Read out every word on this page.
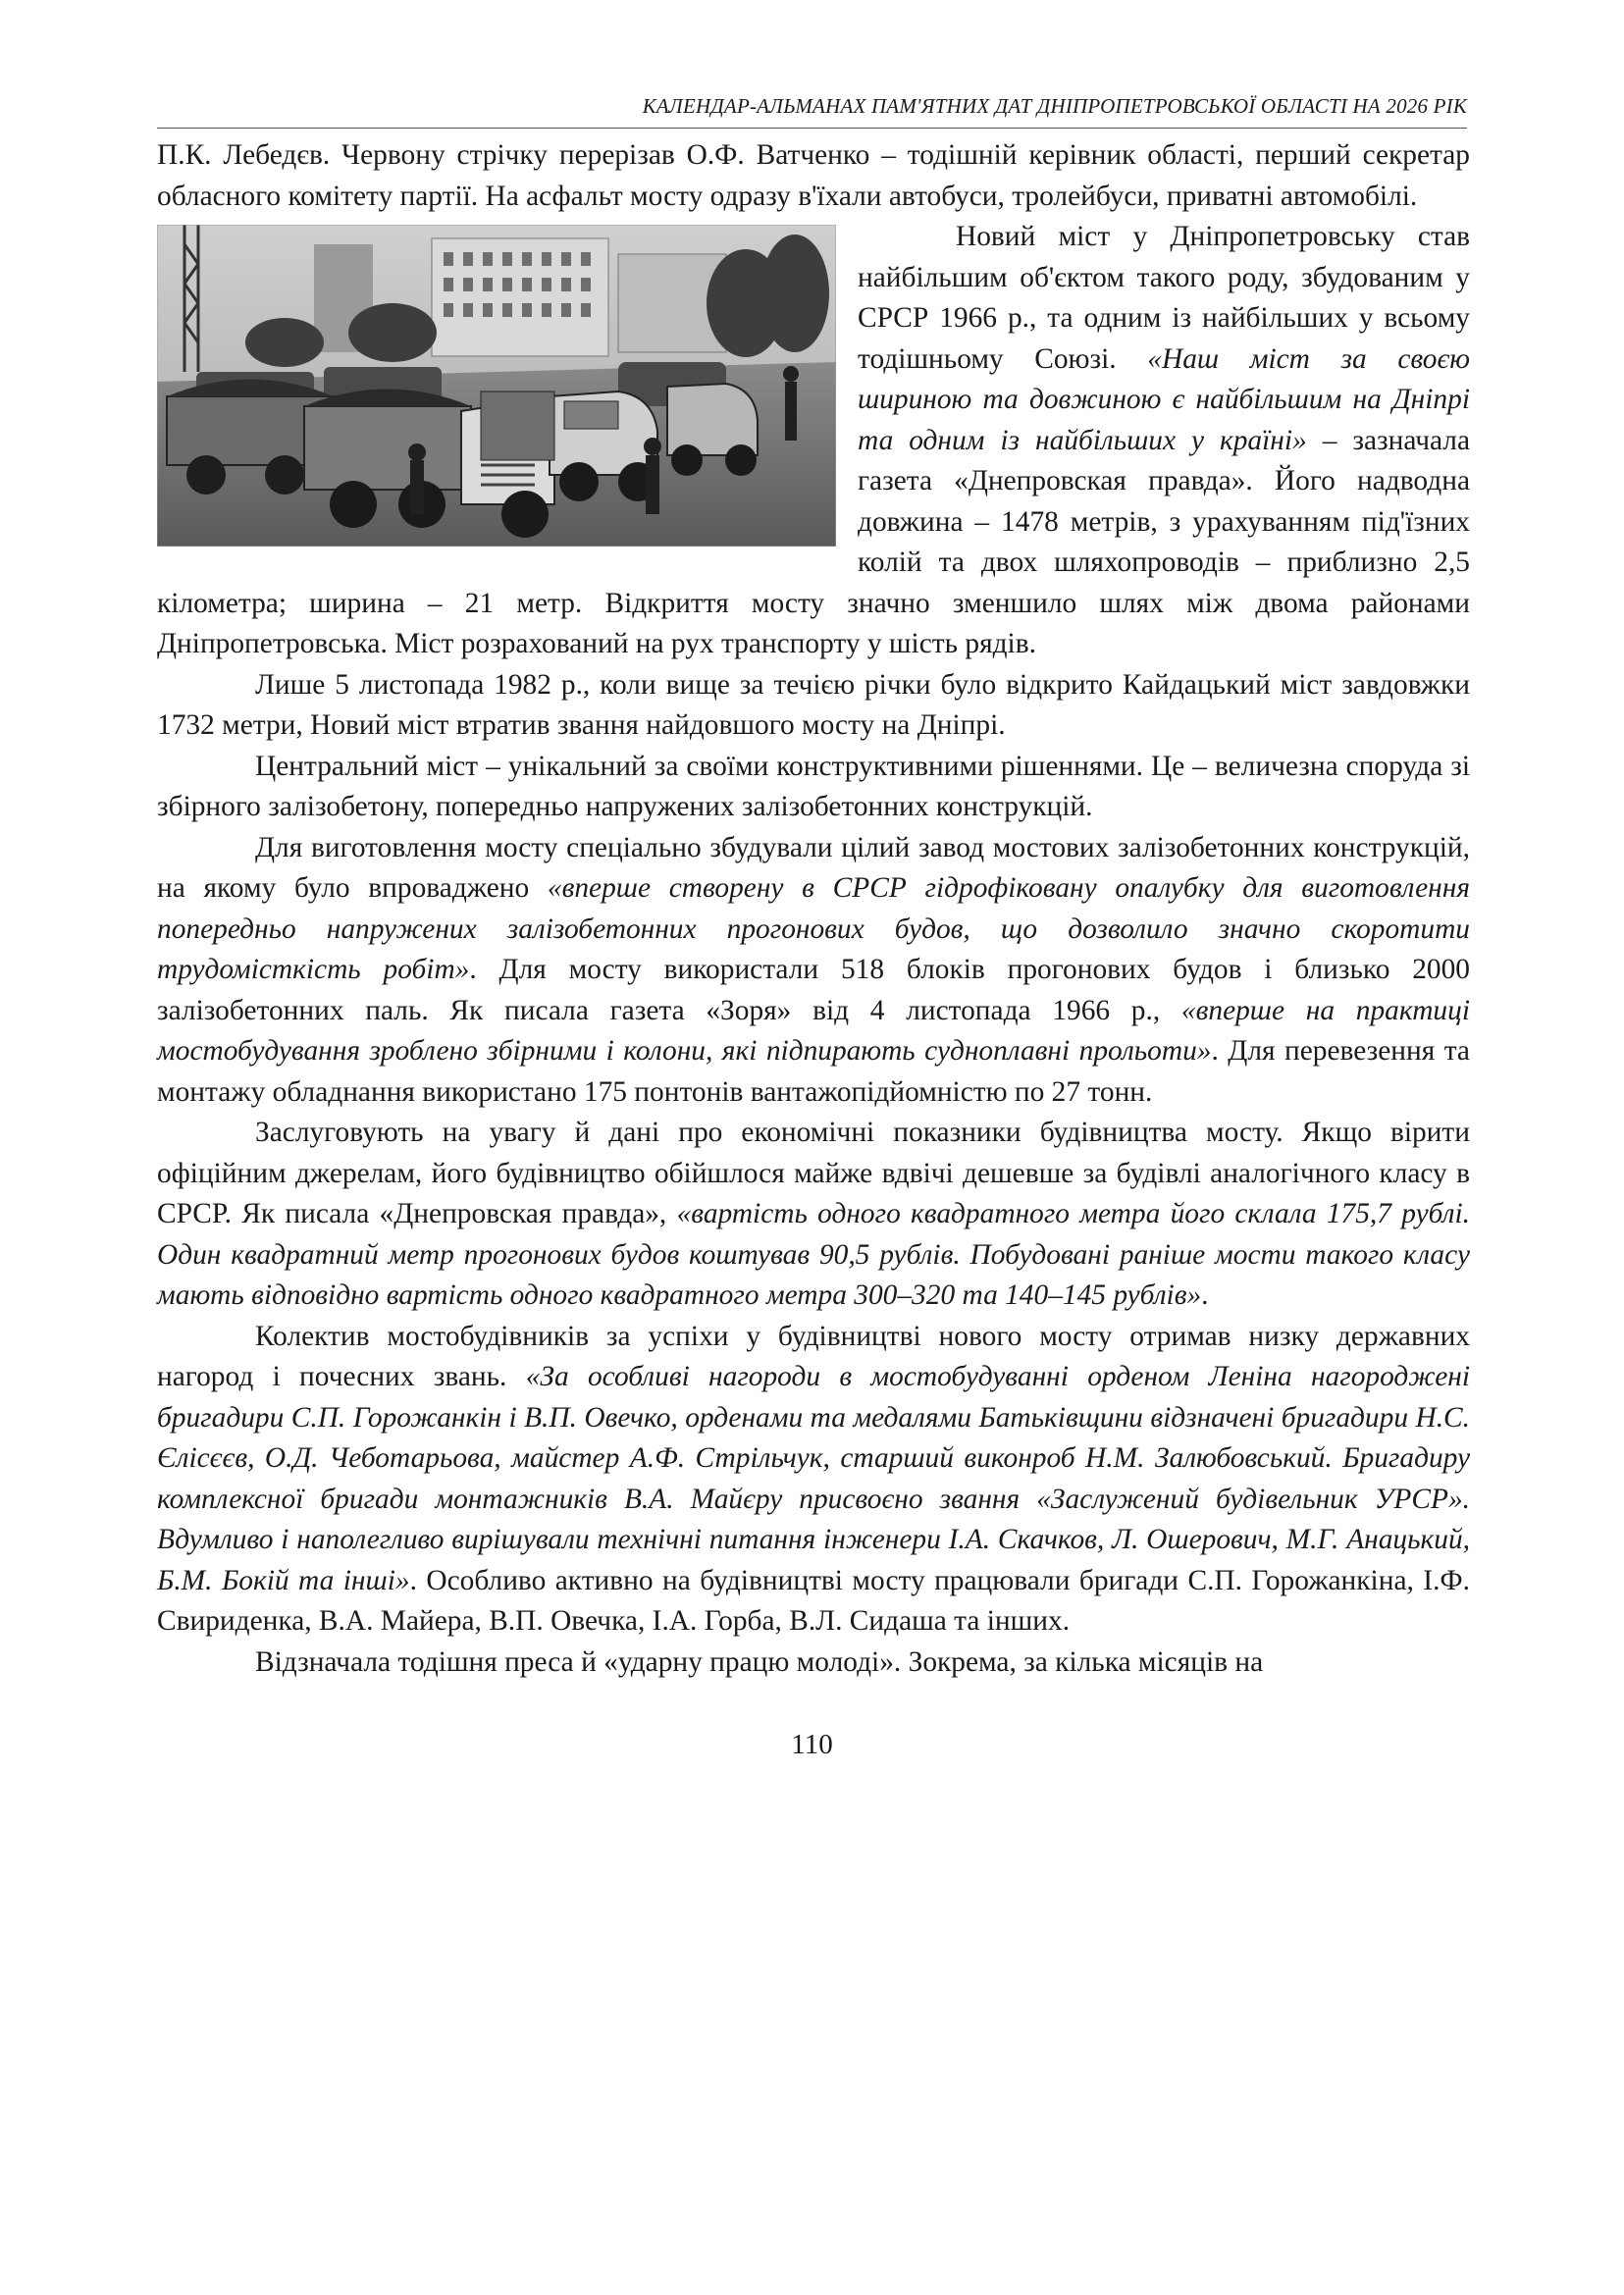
КАЛЕНДАР-АЛЬМАНАХ ПАМ'ЯТНИХ ДАТ ДНІПРОПЕТРОВСЬКОЇ ОБЛАСТІ НА 2026 РІК

П.К. Лебедєв. Червону стрічку перерізав О.Ф. Ватченко – тодішній керівник області, перший секретар обласного комітету партії. На асфальт мосту одразу в'їхали автобуси, тролейбуси, приватні автомобілі.

Новий міст у Дніпропетровську став найбільшим об'єктом такого роду, збудованим у СРСР 1966 р., та одним із найбільших у всьому тодішньому Союзі. «Наш міст за своєю шириною та довжиною є найбільшим на Дніпрі та одним із найбільших у країні» – зазначала газета «Днепровская правда». Його надводна довжина – 1478 метрів, з урахуванням під'їзних колій та двох шляхопроводів – приблизно 2,5 кілометра; ширина – 21 метр. Відкриття мосту значно зменшило шлях між двома районами Дніпропетровська. Міст розрахований на рух транспорту у шість рядів.

Лише 5 листопада 1982 р., коли вище за течією річки було відкрито Кайдацький міст завдовжки 1732 метри, Новий міст втратив звання найдовшого мосту на Дніпрі.

Центральний міст – унікальний за своїми конструктивними рішеннями. Це – величезна споруда зі збірного залізобетону, попередньо напружених залізобетонних конструкцій.

Для виготовлення мосту спеціально збудували цілий завод мостових залізобетонних конструкцій, на якому було впроваджено «вперше створену в СРСР гідрофіковану опалубку для виготовлення попередньо напружених залізобетонних прогонових будов, що дозволило значно скоротити трудомісткість робіт». Для мосту використали 518 блоків прогонових будов і близько 2000 залізобетонних паль. Як писала газета «Зоря» від 4 листопада 1966 р., «вперше на практиці мостобудування зроблено збірними і колони, які підпирають судноплавні прольоти». Для перевезення та монтажу обладнання використано 175 понтонів вантажопідйомністю по 27 тонн.

Заслуговують на увагу й дані про економічні показники будівництва мосту. Якщо вірити офіційним джерелам, його будівництво обійшлося майже вдвічі дешевше за будівлі аналогічного класу в СРСР. Як писала «Днепровская правда», «вартість одного квадратного метра його склала 175,7 рублі. Один квадратний метр прогонових будов коштував 90,5 рублів. Побудовані раніше мости такого класу мають відповідно вартість одного квадратного метра 300–320 та 140–145 рублів».

Колектив мостобудівників за успіхи у будівництві нового мосту отримав низку державних нагород і почесних звань. «За особливі нагороди в мостобудуванні орденом Леніна нагороджені бригадири С.П. Горожанкін і В.П. Овечко, орденами та медалями Батьківщини відзначені бригадири Н.С. Єлісєєв, О.Д. Чеботарьова, майстер А.Ф. Стрільчук, старший виконроб Н.М. Залюбовський. Бригадиру комплексної бригади монтажників В.А. Майєру присвоєно звання «Заслужений будівельник УРСР». Вдумливо і наполегливо вирішували технічні питання інженери І.А. Скачков, Л. Ошерович, М.Г. Анацький, Б.М. Бокій та інші». Особливо активно на будівництві мосту працювали бригади С.П. Горожанкіна, І.Ф. Свириденка, В.А. Майера, В.П. Овечка, І.А. Горба, В.Л. Сидаша та інших.

Відзначала тодішня преса й «ударну працю молоді». Зокрема, за кілька місяців на

110
